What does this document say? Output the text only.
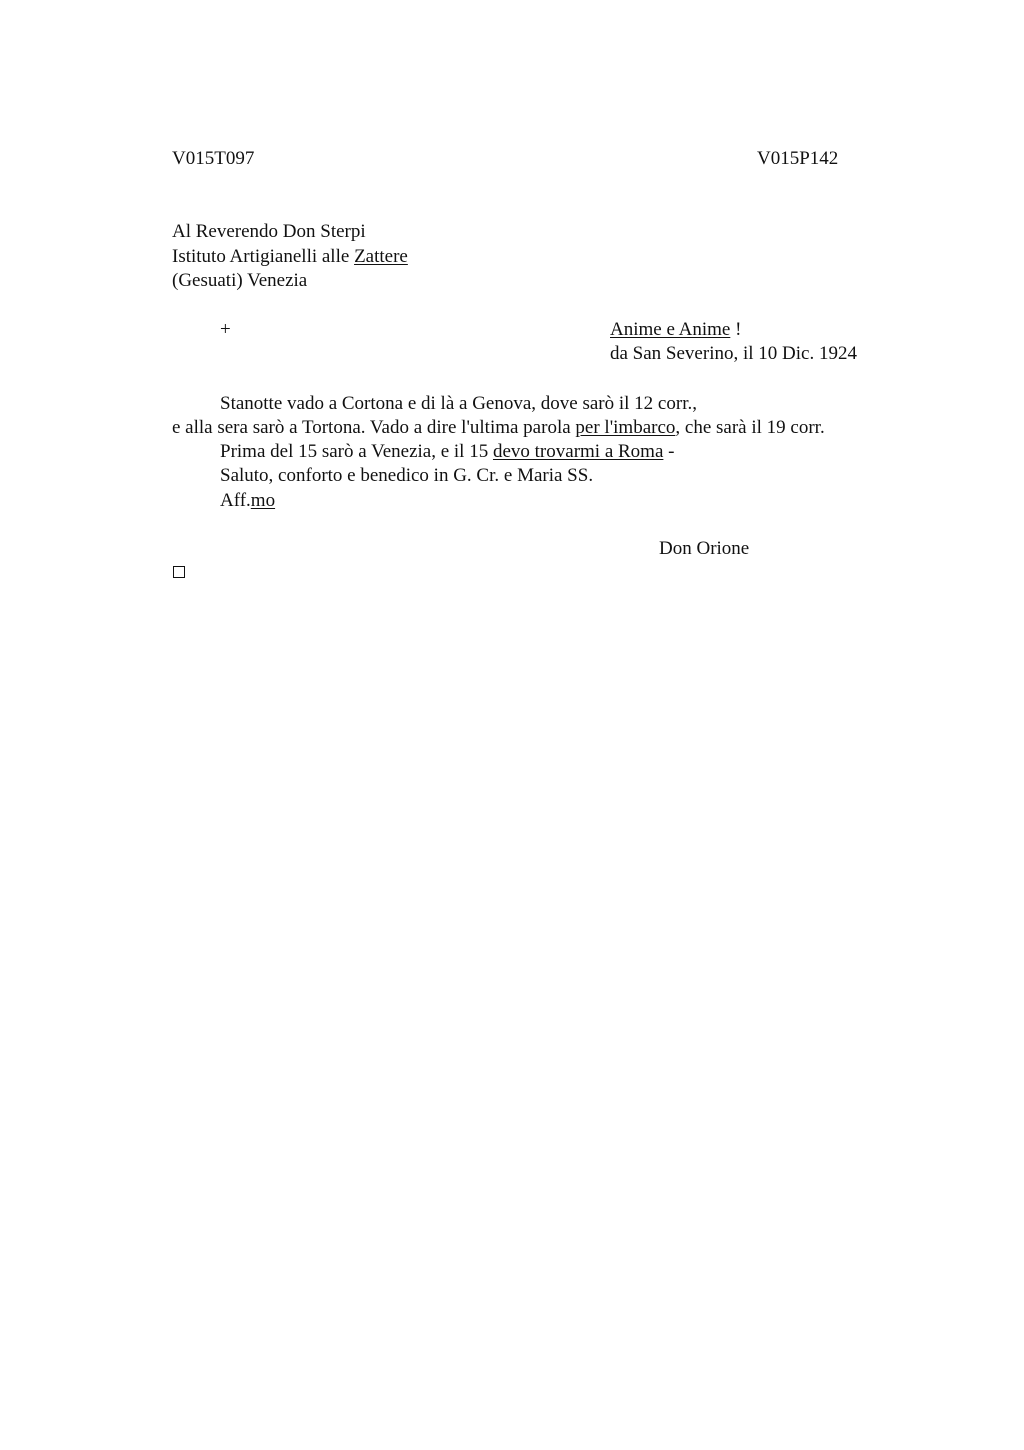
V015T097	V015P142
Al Reverendo Don Sterpi
Istituto Artigianelli alle Zattere
(Gesuati) Venezia
+	Anime e Anime !
da San Severino, il 10 Dic. 1924
Stanotte vado a Cortona e di là a Genova, dove sarò il 12 corr.,
e alla sera sarò a Tortona. Vado a dire l'ultima parola per l'imbarco, che sarà il 19 corr.
Prima del 15 sarò a Venezia, e il 15 devo trovarmi a Roma -
Saluto, conforto e benedico in G. Cr. e Maria SS.
Aff.mo
Don Orione
